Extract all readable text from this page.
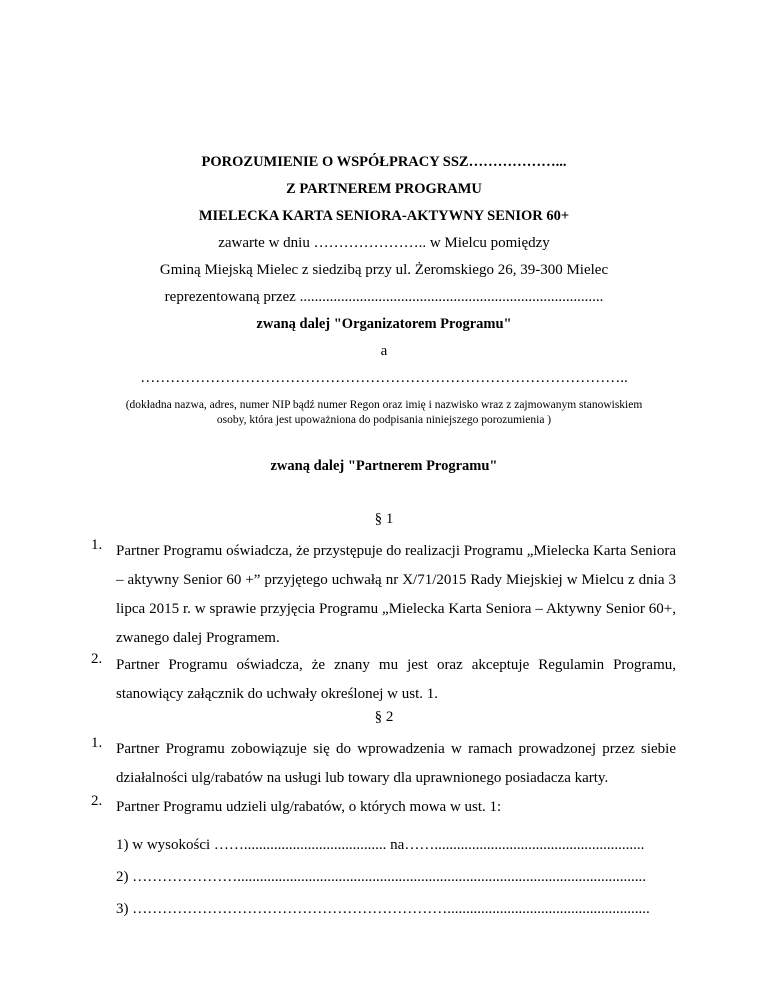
POROZUMIENIE O WSPÓŁPRACY SSZ………………...
Z PARTNEREM PROGRAMU
MIELECKA KARTA SENIORA-AKTYWNY SENIOR 60+
zawarte w dniu ………………….. w Mielcu pomiędzy
Gminą Miejską Mielec z siedzibą przy ul. Żeromskiego 26, 39-300 Mielec
reprezentowaną przez .................................................................................
zwaną dalej "Organizatorem Programu"
a
……………………………………………………………………………………..
(dokładna nazwa, adres, numer NIP bądź numer Regon oraz imię i nazwisko wraz z zajmowanym stanowiskiem
osoby, która jest upoważniona do podpisania niniejszego porozumienia )
zwaną dalej "Partnerem Programu"
§ 1
1. Partner Programu oświadcza, że przystępuje do realizacji Programu „Mielecka Karta Seniora – aktywny Senior 60 +” przyjętego uchwałą nr X/71/2015 Rady Miejskiej w Mielcu z dnia 3 lipca 2015 r. w sprawie przyjęcia Programu „Mielecka Karta Seniora – Aktywny Senior 60+, zwanego dalej Programem.
2. Partner Programu oświadcza, że znany mu jest oraz akceptuje Regulamin Programu, stanowiący załącznik do uchwały określonej w ust. 1.
§ 2
1. Partner Programu zobowiązuje się do wprowadzenia w ramach prowadzonej przez siebie działalności ulg/rabatów na usługi lub towary dla uprawnionego posiadacza karty.
2. Partner Programu udzieli ulg/rabatów, o których mowa w ust. 1:
1) w wysokości ……...................................... na……........................................................
2) ………………….............................................................................................................
3) ………………………………………………………......................................................
